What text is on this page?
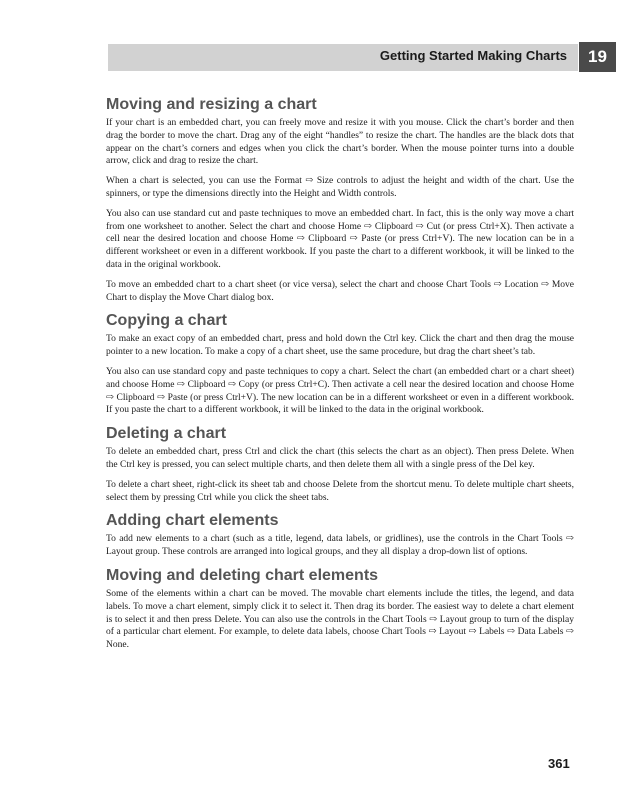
Getting Started Making Charts	19
Moving and resizing a chart

If your chart is an embedded chart, you can freely move and resize it with you mouse. Click the chart’s border and then drag the border to move the chart. Drag any of the eight “handles” to resize the chart. The handles are the black dots that appear on the chart’s corners and edges when you click the chart’s border. When the mouse pointer turns into a double arrow, click and drag to resize the chart.

When a chart is selected, you can use the Format ⇨ Size controls to adjust the height and width of the chart. Use the spinners, or type the dimensions directly into the Height and Width controls.

You also can use standard cut and paste techniques to move an embedded chart. In fact, this is the only way move a chart from one worksheet to another. Select the chart and choose Home ⇨ Clipboard ⇨ Cut (or press Ctrl+X). Then activate a cell near the desired location and choose Home ⇨ Clipboard ⇨ Paste (or press Ctrl+V). The new location can be in a different worksheet or even in a different workbook. If you paste the chart to a different workbook, it will be linked to the data in the original workbook.

To move an embedded chart to a chart sheet (or vice versa), select the chart and choose Chart Tools ⇨ Location ⇨ Move Chart to display the Move Chart dialog box.

Copying a chart

To make an exact copy of an embedded chart, press and hold down the Ctrl key. Click the chart and then drag the mouse pointer to a new location. To make a copy of a chart sheet, use the same procedure, but drag the chart sheet’s tab.

You also can use standard copy and paste techniques to copy a chart. Select the chart (an embedded chart or a chart sheet) and choose Home ⇨ Clipboard ⇨ Copy (or press Ctrl+C). Then activate a cell near the desired location and choose Home ⇨ Clipboard ⇨ Paste (or press Ctrl+V). The new location can be in a different worksheet or even in a different workbook. If you paste the chart to a different workbook, it will be linked to the data in the original workbook.

Deleting a chart

To delete an embedded chart, press Ctrl and click the chart (this selects the chart as an object). Then press Delete. When the Ctrl key is pressed, you can select multiple charts, and then delete them all with a single press of the Del key.

To delete a chart sheet, right-click its sheet tab and choose Delete from the shortcut menu. To delete multiple chart sheets, select them by pressing Ctrl while you click the sheet tabs.

Adding chart elements

To add new elements to a chart (such as a title, legend, data labels, or gridlines), use the controls in the Chart Tools ⇨ Layout group. These controls are arranged into logical groups, and they all display a drop-down list of options.

Moving and deleting chart elements

Some of the elements within a chart can be moved. The movable chart elements include the titles, the legend, and data labels. To move a chart element, simply click it to select it. Then drag its border. The easiest way to delete a chart element is to select it and then press Delete. You can also use the controls in the Chart Tools ⇨ Layout group to turn of the display of a particular chart element. For example, to delete data labels, choose Chart Tools ⇨ Layout ⇨ Labels ⇨ Data Labels ⇨ None.

361
